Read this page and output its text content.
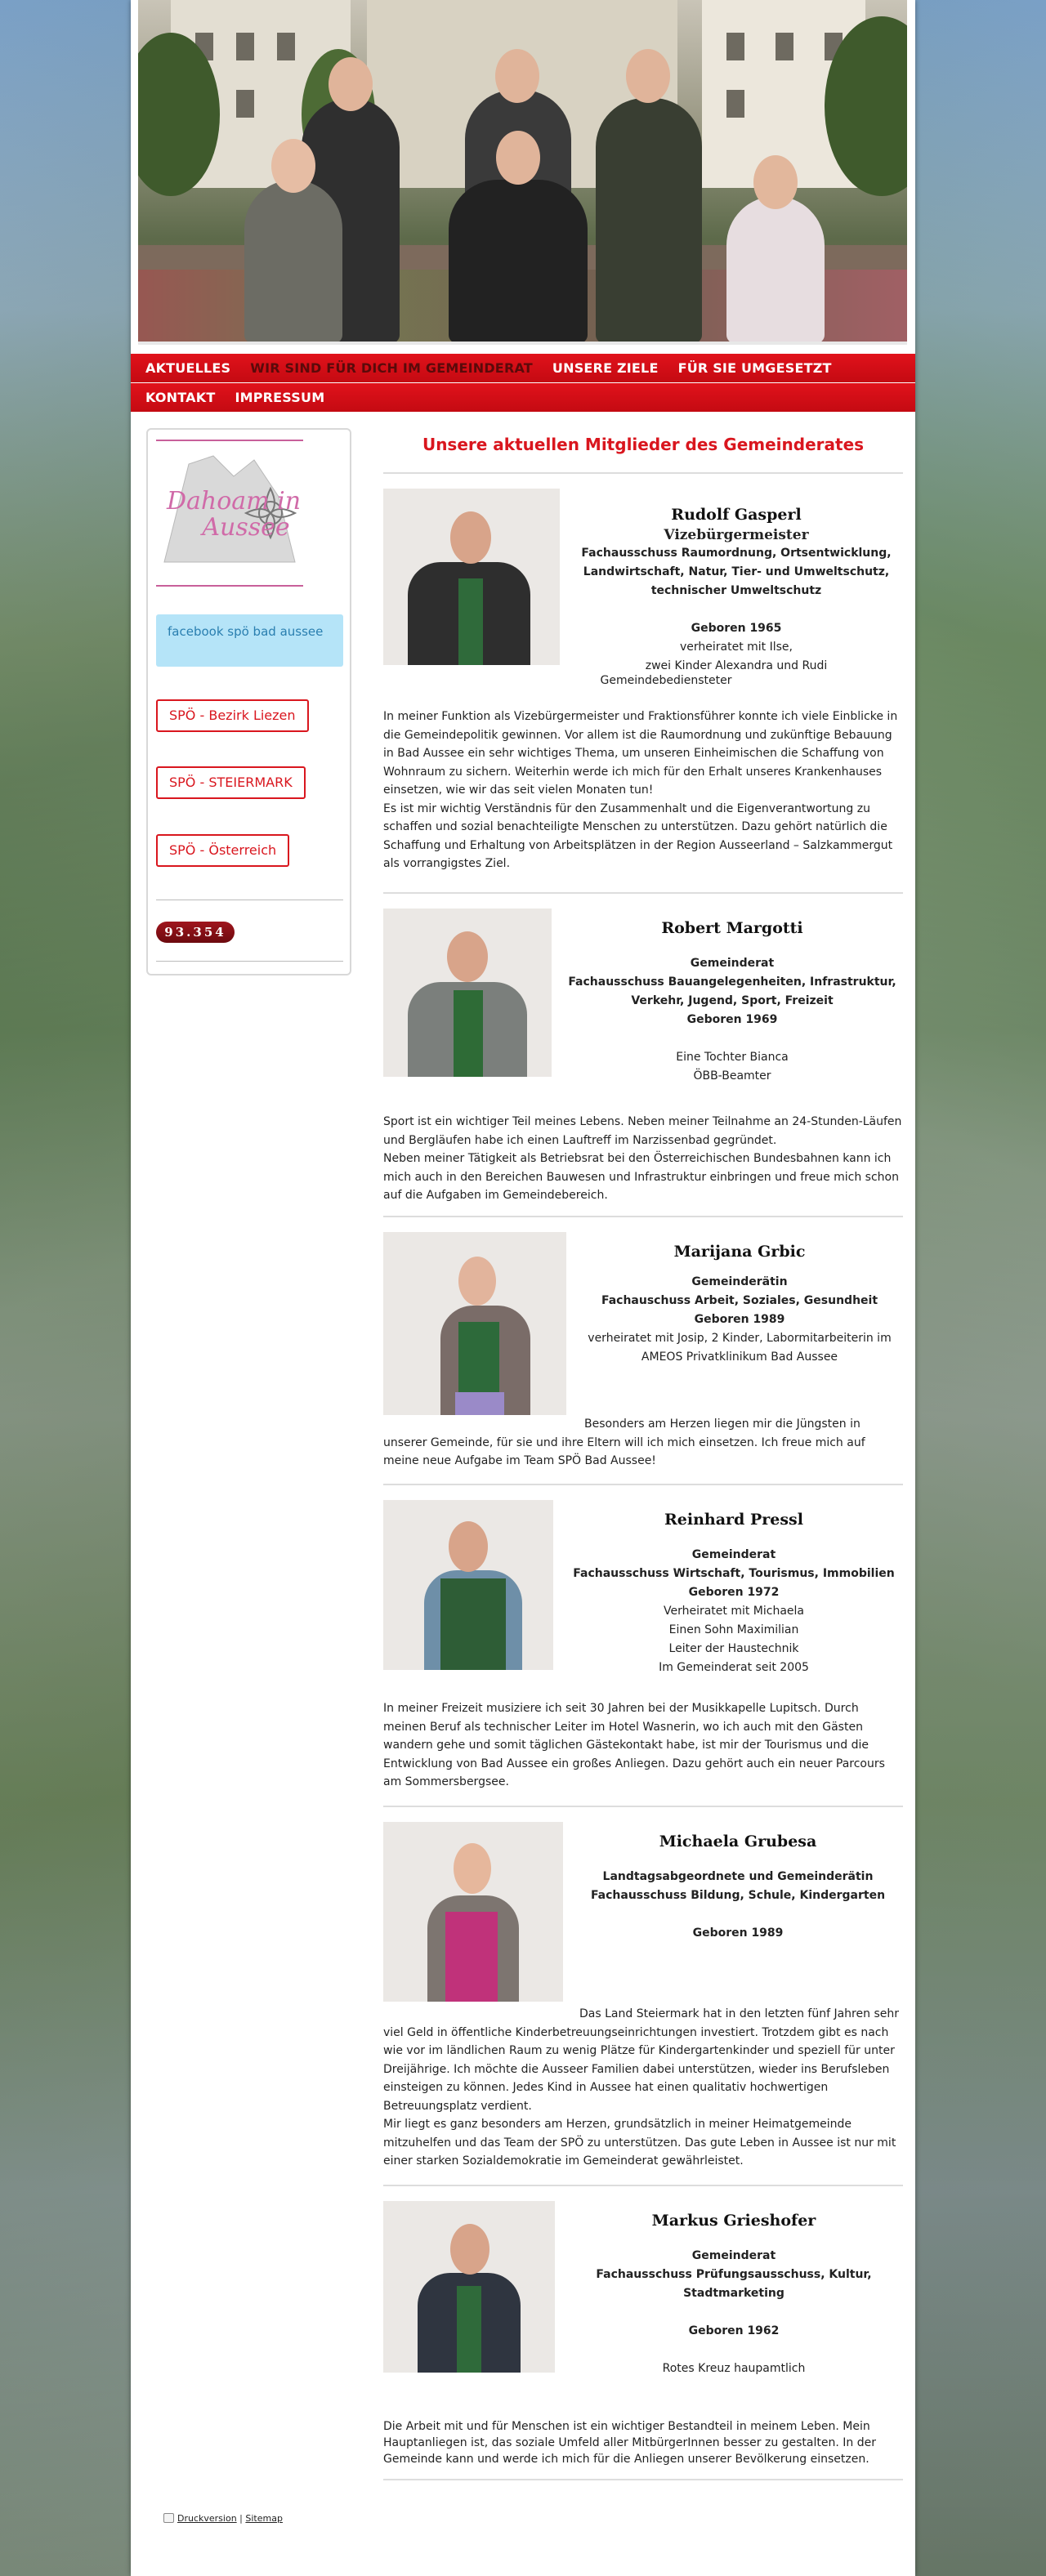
AKTUELLES	WIR SIND FÜR DICH IM GEMEINDERAT	UNSERE ZIELE	FÜR SIE UMGESETZT
KONTAKT	IMPRESSUM
Dahoam in
Aussee
facebook spö bad aussee
SPÖ - Bezirk Liezen
SPÖ - STEIERMARK
SPÖ - Österreich
93.354
Unsere aktuellen Mitglieder des Gemeinderates
Rudolf Gasperl
Vizebürgermeister
Fachausschuss Raumordnung, Ortsentwicklung,
Landwirtschaft, Natur, Tier- und Umweltschutz,
technischer Umweltschutz
Geboren 1965
verheiratet mit Ilse,
zwei Kinder Alexandra und Rudi
Gemeindebediensteter
In meiner Funktion als Vizebürgermeister und Fraktionsführer konnte ich viele Einblicke in die Gemeindepolitik gewinnen. Vor allem ist die Raumordnung und zukünftige Bebauung in Bad Aussee ein sehr wichtiges Thema, um unseren Einheimischen die Schaffung von Wohnraum zu sichern. Weiterhin werde ich mich für den Erhalt unseres Krankenhauses einsetzen, wie wir das seit vielen Monaten tun!
Es ist mir wichtig Verständnis für den Zusammenhalt und die Eigenverantwortung zu schaffen und sozial benachteiligte Menschen zu unterstützen. Dazu gehört natürlich die Schaffung und Erhaltung von Arbeitsplätzen in der Region Ausseerland – Salzkammergut als vorrangigstes Ziel.
Robert Margotti
Gemeinderat
Fachausschuss Bauangelegenheiten, Infrastruktur,
Verkehr, Jugend, Sport, Freizeit
Geboren 1969
Eine Tochter Bianca
ÖBB-Beamter
Sport ist ein wichtiger Teil meines Lebens. Neben meiner Teilnahme an 24-Stunden-Läufen und Bergläufen habe ich einen Lauftreff im Narzissenbad gegründet.
Neben meiner Tätigkeit als Betriebsrat bei den Österreichischen Bundesbahnen kann ich mich auch in den Bereichen Bauwesen und Infrastruktur einbringen und freue mich schon auf die Aufgaben im Gemeindebereich.
Marijana Grbic
Gemeinderätin
Fachauschuss Arbeit, Soziales, Gesundheit
Geboren 1989
verheiratet mit Josip, 2 Kinder, Labormitarbeiterin im
AMEOS Privatklinikum Bad Aussee
Besonders am Herzen liegen mir die Jüngsten in unserer Gemeinde, für sie und ihre Eltern will ich mich einsetzen. Ich freue mich auf meine neue Aufgabe im Team SPÖ Bad Aussee!
Reinhard Pressl
Gemeinderat
Fachausschuss Wirtschaft, Tourismus, Immobilien
Geboren 1972
Verheiratet mit Michaela
Einen Sohn Maximilian
Leiter der Haustechnik
Im Gemeinderat seit 2005
In meiner Freizeit musiziere ich seit 30 Jahren bei der Musikkapelle Lupitsch. Durch meinen Beruf als technischer Leiter im Hotel Wasnerin, wo ich auch mit den Gästen wandern gehe und somit täglichen Gästekontakt habe, ist mir der Tourismus und die Entwicklung von Bad Aussee ein großes Anliegen. Dazu gehört auch ein neuer Parcours am Sommersbergsee.
Michaela Grubesa
Landtagsabgeordnete und Gemeinderätin
Fachausschuss Bildung, Schule, Kindergarten
Geboren 1989
Das Land Steiermark hat in den letzten fünf Jahren sehr viel Geld in öffentliche Kinderbetreuungseinrichtungen investiert. Trotzdem gibt es nach wie vor im ländlichen Raum zu wenig Plätze für Kindergartenkinder und speziell für unter Dreijährige. Ich möchte die Ausseer Familien dabei unterstützen, wieder ins Berufsleben einsteigen zu können. Jedes Kind in Aussee hat einen qualitativ hochwertigen Betreuungsplatz verdient.
Mir liegt es ganz besonders am Herzen, grundsätzlich in meiner Heimatgemeinde mitzuhelfen und das Team der SPÖ zu unterstützen. Das gute Leben in Aussee ist nur mit einer starken Sozialdemokratie im Gemeinderat gewährleistet.
Markus Grieshofer
Gemeinderat
Fachausschuss Prüfungsausschuss, Kultur,
Stadtmarketing
Geboren 1962
Rotes Kreuz haupamtlich
Die Arbeit mit und für Menschen ist ein wichtiger Bestandteil in meinem Leben. Mein Hauptanliegen ist, das soziale Umfeld aller MitbürgerInnen besser zu gestalten. In der Gemeinde kann und werde ich mich für die Anliegen unserer Bevölkerung einsetzen.
Druckversion | Sitemap
